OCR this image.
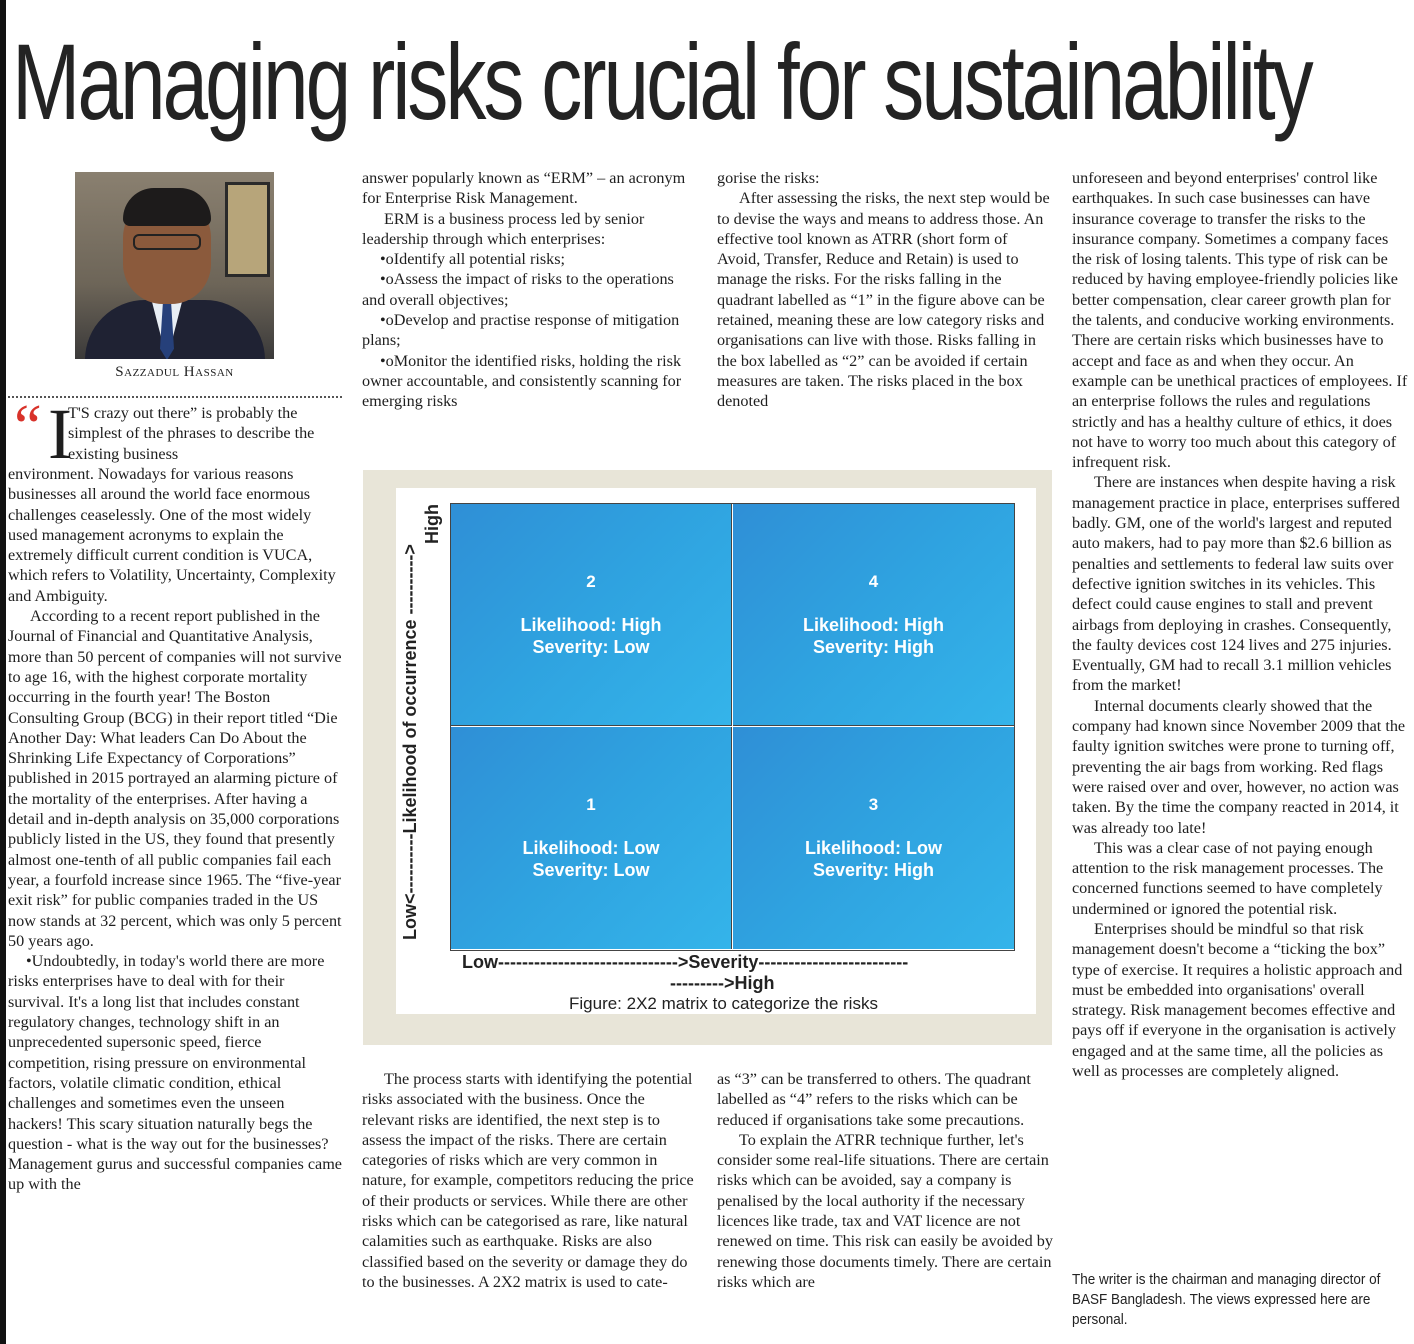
Managing risks crucial for sustainability
Sazzadul Hassan
“ I
T'S crazy out there” is probably the simplest of the phrases to describe the existing business

environment. Nowadays for various reasons businesses all around the world face enormous challenges ceaselessly. One of the most widely used management acronyms to explain the extremely difficult current condition is VUCA, which refers to Volatility, Uncertainty, Complexity and Ambiguity.

According to a recent report published in the Journal of Financial and Quantitative Analysis, more than 50 percent of companies will not survive to age 16, with the highest corporate mortality occurring in the fourth year! The Boston Consulting Group (BCG) in their report titled “Die Another Day: What leaders Can Do About the Shrinking Life Expectancy of Corporations” published in 2015 portrayed an alarming picture of the mortality of the enterprises. After having a detail and in-depth analysis on 35,000 corporations publicly listed in the US, they found that presently almost one-tenth of all public companies fail each year, a fourfold increase since 1965. The “five-year exit risk” for public companies traded in the US now stands at 32 percent, which was only 5 percent 50 years ago.

•Undoubtedly, in today's world there are more risks enterprises have to deal with for their survival. It's a long list that includes constant regulatory changes, technology shift in an unprecedented supersonic speed, fierce competition, rising pressure on environmental factors, volatile climatic condition, ethical challenges and sometimes even the unseen hackers! This scary situation naturally begs the question - what is the way out for the businesses? Management gurus and successful companies came up with the

answer popularly known as “ERM” – an acronym for Enterprise Risk Management.

ERM is a business process led by senior leadership through which enterprises:

•oIdentify all potential risks;

•oAssess the impact of risks to the operations and overall objectives;

•oDevelop and practise response of mitigation plans;

•oMonitor the identified risks, holding the risk owner accountable, and consistently scanning for emerging risks

gorise the risks:

After assessing the risks, the next step would be to devise the ways and means to address those. An effective tool known as ATRR (short form of Avoid, Transfer, Reduce and Retain) is used to manage the risks. For the risks falling in the quadrant labelled as “1” in the figure above can be retained, meaning these are low category risks and organisations can live with those. Risks falling in the box labelled as “2” can be avoided if certain measures are taken. The risks placed in the box denoted

2
Likelihood: High
Severity: Low
4
Likelihood: High
Severity: High
1
Likelihood: Low
Severity: Low
3
Likelihood: Low
Severity: High
Low<----------Likelihood of occurrence ---------->
High
Low------------------------------>Severity-------------------------
--------->High
Figure: 2X2 matrix to categorize the risks

The process starts with identifying the potential risks associated with the business. Once the relevant risks are identified, the next step is to assess the impact of the risks. There are certain categories of risks which are very common in nature, for example, competitors reducing the price of their products or services. While there are other risks which can be categorised as rare, like natural calamities such as earthquake. Risks are also classified based on the severity or damage they do to the businesses. A 2X2 matrix is used to cate-

as “3” can be transferred to others. The quadrant labelled as “4” refers to the risks which can be reduced if organisations take some precautions.

To explain the ATRR technique further, let's consider some real-life situations. There are certain risks which can be avoided, say a company is penalised by the local authority if the necessary licences like trade, tax and VAT licence are not renewed on time. This risk can easily be avoided by renewing those documents timely. There are certain risks which are

unforeseen and beyond enterprises' control like earthquakes. In such case businesses can have insurance coverage to transfer the risks to the insurance company. Sometimes a company faces the risk of losing talents. This type of risk can be reduced by having employee-friendly policies like better compensation, clear career growth plan for the talents, and conducive working environments. There are certain risks which businesses have to accept and face as and when they occur. An example can be unethical practices of employees. If an enterprise follows the rules and regulations strictly and has a healthy culture of ethics, it does not have to worry too much about this category of infrequent risk.

There are instances when despite having a risk management practice in place, enterprises suffered badly. GM, one of the world's largest and reputed auto makers, had to pay more than $2.6 billion as penalties and settlements to federal law suits over defective ignition switches in its vehicles. This defect could cause engines to stall and prevent airbags from deploying in crashes. Consequently, the faulty devices cost 124 lives and 275 injuries. Eventually, GM had to recall 3.1 million vehicles from the market!

Internal documents clearly showed that the company had known since November 2009 that the faulty ignition switches were prone to turning off, preventing the air bags from working. Red flags were raised over and over, however, no action was taken. By the time the company reacted in 2014, it was already too late!

This was a clear case of not paying enough attention to the risk management processes. The concerned functions seemed to have completely undermined or ignored the potential risk.

Enterprises should be mindful so that risk management doesn't become a “ticking the box” type of exercise. It requires a holistic approach and must be embedded into organisations' overall strategy. Risk management becomes effective and pays off if everyone in the organisation is actively engaged and at the same time, all the policies as well as processes are completely aligned.

The writer is the chairman and managing director of BASF Bangladesh. The views expressed here are personal.
